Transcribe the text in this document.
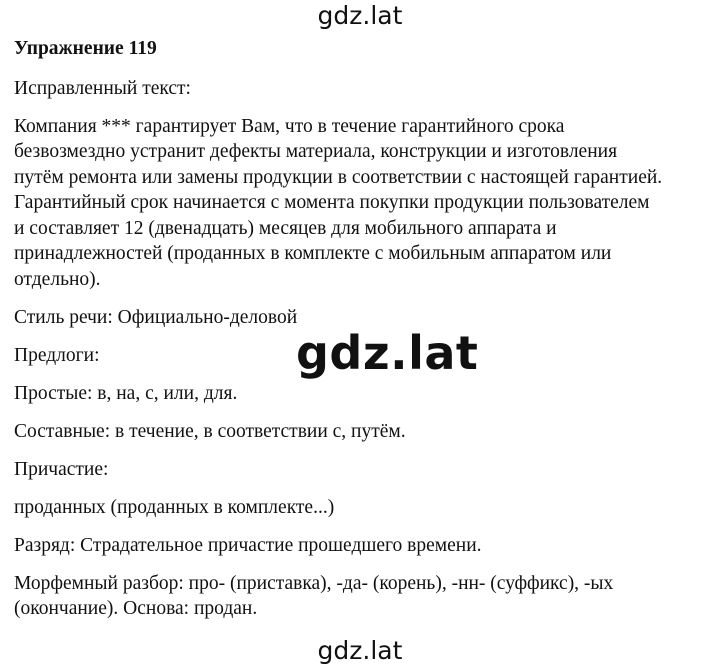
gdz.lat

Упражнение 119

Исправленный текст:

Компания *** гарантирует Вам, что в течение гарантийного срока

безвозмездно устранит дефекты материала, конструкции и изготовления

путём ремонта или замены продукции в соответствии с настоящей гарантией.

Гарантийный срок начинается с момента покупки продукции пользователем

и составляет 12 (двенадцать) месяцев для мобильного аппарата и

принадлежностей (проданных в комплекте с мобильным аппаратом или

отдельно).

Стиль речи: Официально-деловой

Предлоги:

Простые: в, на, с, или, для.

Составные: в течение, в соответствии с, путём.

Причастие:

проданных (проданных в комплекте...)

Разряд: Страдательное причастие прошедшего времени.

Морфемный разбор: про- (приставка), -да- (корень), -нн- (суффикс), -ых

(окончание). Основа: продан.

gdz.lat
gdz.lat
